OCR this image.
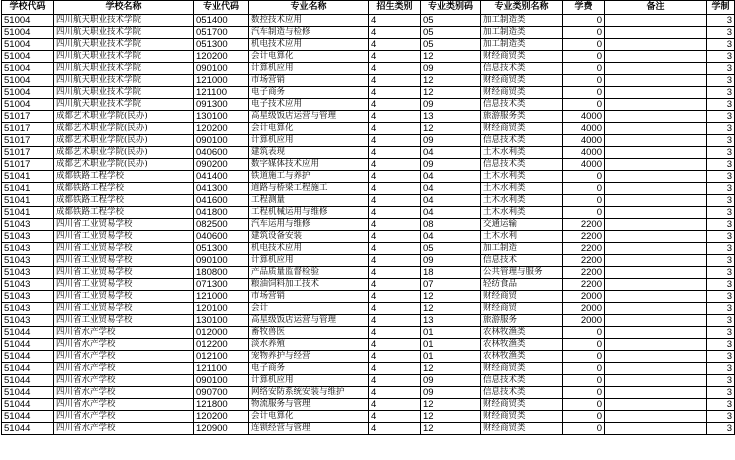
学校代码	学校名称	专业代码	专业名称	招生类别	专业类别码	专业类别名称	学费	备注	学制
51004	四川航天职业技术学院	051400	数控技术应用	4	05	加工制造类	0		3
51004	四川航天职业技术学院	051700	汽车制造与检修	4	05	加工制造类	0		3
51004	四川航天职业技术学院	051300	机电技术应用	4	05	加工制造类	0		3
51004	四川航天职业技术学院	120200	会计电算化	4	12	财经商贸类	0		3
51004	四川航天职业技术学院	090100	计算机应用	4	09	信息技术类	0		3
51004	四川航天职业技术学院	121000	市场营销	4	12	财经商贸类	0		3
51004	四川航天职业技术学院	121100	电子商务	4	12	财经商贸类	0		3
51004	四川航天职业技术学院	091300	电子技术应用	4	09	信息技术类	0		3
51017	成都艺术职业学院(民办)	130100	高星级饭店运营与管理	4	13	旅游服务类	4000		3
51017	成都艺术职业学院(民办)	120200	会计电算化	4	12	财经商贸类	4000		3
51017	成都艺术职业学院(民办)	090100	计算机应用	4	09	信息技术类	4000		3
51017	成都艺术职业学院(民办)	040600	建筑表现	4	04	土木水利类	4000		3
51017	成都艺术职业学院(民办)	090200	数字媒体技术应用	4	09	信息技术类	4000		3
51041	成都铁路工程学校	041400	铁道施工与养护	4	04	土木水利类	0		3
51041	成都铁路工程学校	041300	道路与桥梁工程施工	4	04	土木水利类	0		3
51041	成都铁路工程学校	041600	工程测量	4	04	土木水利类	0		3
51041	成都铁路工程学校	041800	工程机械运用与维修	4	04	土木水利类	0		3
51043	四川省工业贸易学校	082500	汽车运用与维修	4	08	交通运输	2200		3
51043	四川省工业贸易学校	040600	建筑设备安装	4	04	土木水利	2200		3
51043	四川省工业贸易学校	051300	机电技术应用	4	05	加工制造	2200		3
51043	四川省工业贸易学校	090100	计算机应用	4	09	信息技术	2200		3
51043	四川省工业贸易学校	180800	产品质量监督检验	4	18	公共管理与服务	2200		3
51043	四川省工业贸易学校	071300	粮油饲料加工技术	4	07	轻纺食品	2200		3
51043	四川省工业贸易学校	121000	市场营销	4	12	财经商贸	2000		3
51043	四川省工业贸易学校	120100	会计	4	12	财经商贸	2000		3
51043	四川省工业贸易学校	130100	高星级饭店运营与管理	4	13	旅游服务	2000		3
51044	四川省水产学校	012000	畜牧兽医	4	01	农林牧渔类	0		3
51044	四川省水产学校	012200	淡水养殖	4	01	农林牧渔类	0		3
51044	四川省水产学校	012100	宠物养护与经营	4	01	农林牧渔类	0		3
51044	四川省水产学校	121100	电子商务	4	12	财经商贸类	0		3
51044	四川省水产学校	090100	计算机应用	4	09	信息技术类	0		3
51044	四川省水产学校	090700	网络安防系统安装与维护	4	09	信息技术类	0		3
51044	四川省水产学校	121800	物流服务与管理	4	12	财经商贸类	0		3
51044	四川省水产学校	120200	会计电算化	4	12	财经商贸类	0		3
51044	四川省水产学校	120900	连锁经营与管理	4	12	财经商贸类	0		3
